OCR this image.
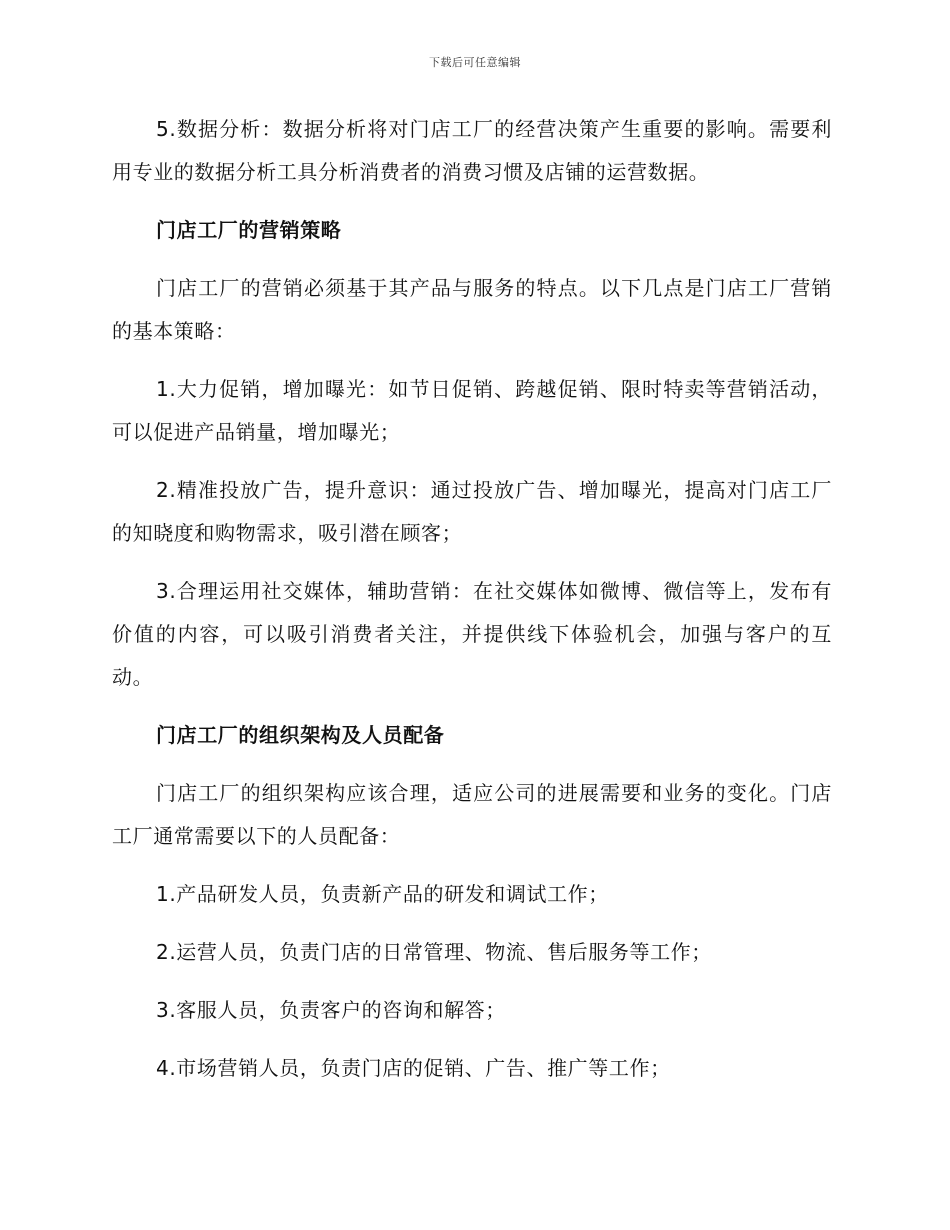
下载后可任意编辑

5.数据分析：数据分析将对门店工厂的经营决策产生重要的影响。需要利用专业的数据分析工具分析消费者的消费习惯及店铺的运营数据。

门店工厂的营销策略

门店工厂的营销必须基于其产品与服务的特点。以下几点是门店工厂营销的基本策略：

1.大力促销，增加曝光：如节日促销、跨越促销、限时特卖等营销活动，可以促进产品销量，增加曝光；

2.精准投放广告，提升意识：通过投放广告、增加曝光，提高对门店工厂的知晓度和购物需求，吸引潜在顾客；

3.合理运用社交媒体，辅助营销：在社交媒体如微博、微信等上，发布有价值的内容，可以吸引消费者关注，并提供线下体验机会，加强与客户的互动。

门店工厂的组织架构及人员配备

门店工厂的组织架构应该合理，适应公司的进展需要和业务的变化。门店工厂通常需要以下的人员配备：

1.产品研发人员，负责新产品的研发和调试工作；

2.运营人员，负责门店的日常管理、物流、售后服务等工作；

3.客服人员，负责客户的咨询和解答；

4.市场营销人员，负责门店的促销、广告、推广等工作；
